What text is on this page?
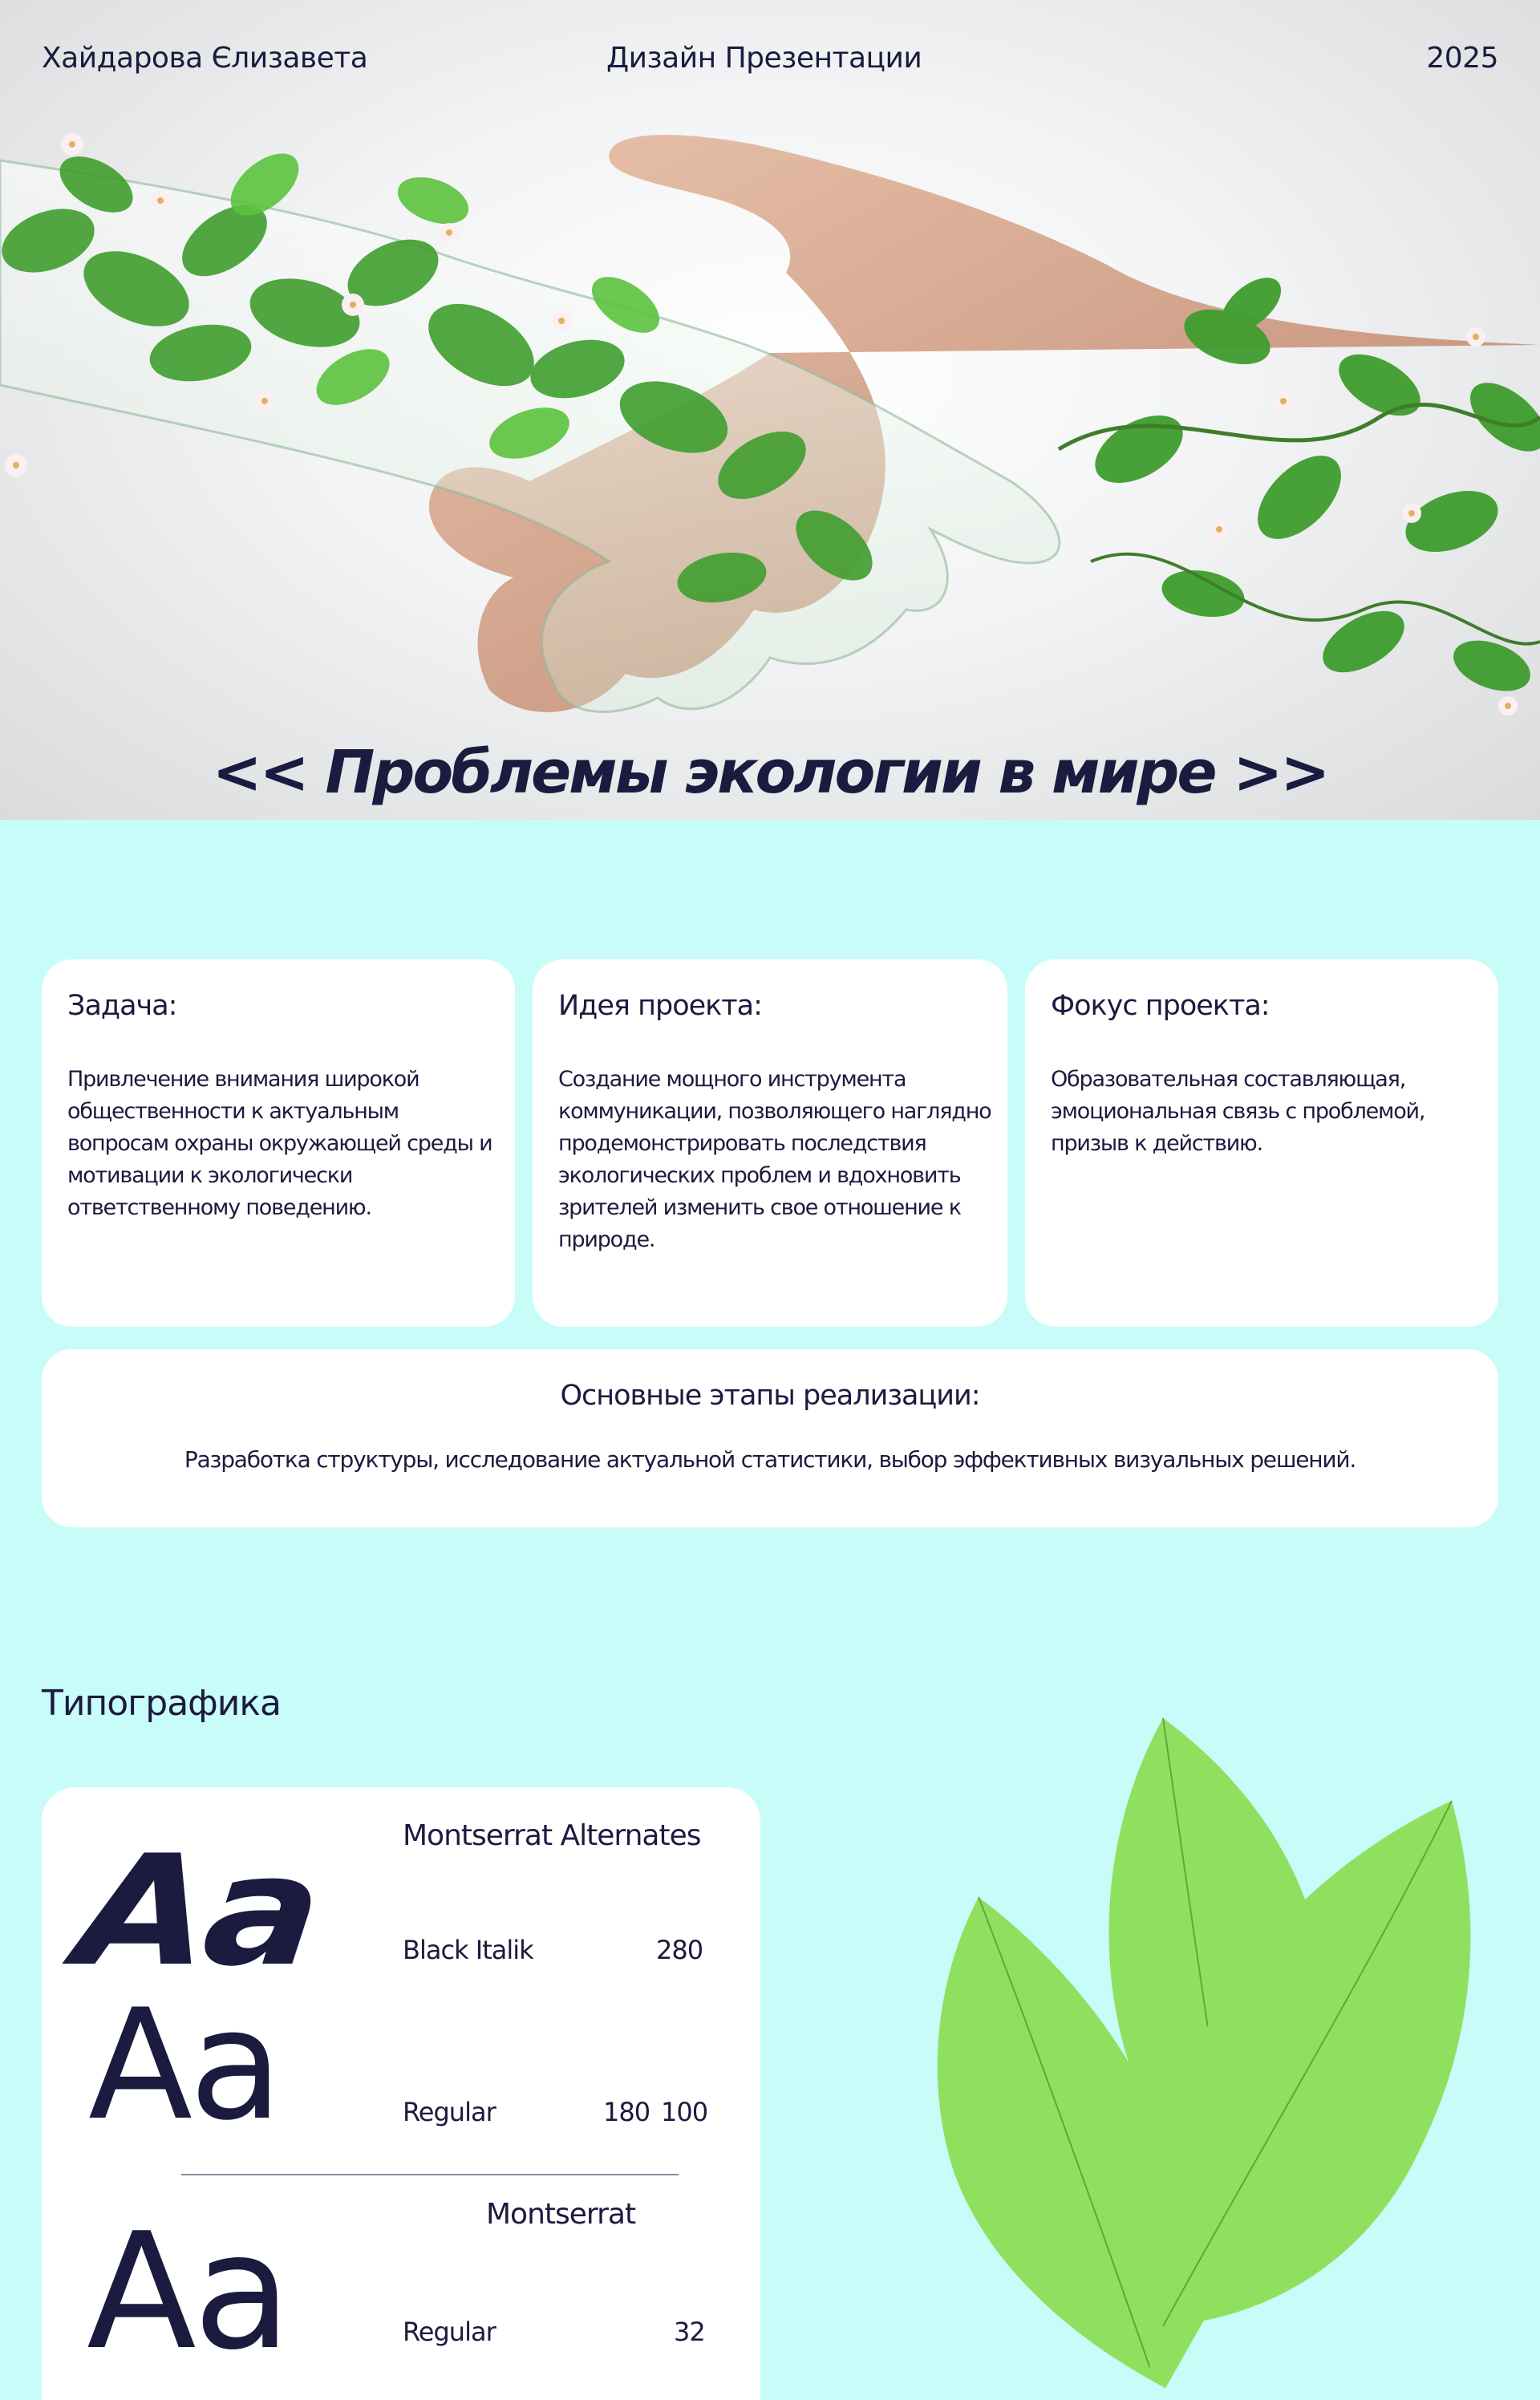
Хайдарова Єлизавета	Дизайн Презентации	2025
<< Проблемы экологии в мире >>
Задача:

Привлечение внимания широкой общественности к актуальным вопросам охраны окружающей среды и мотивации к экологически ответственному поведению.

Идея проекта:

Создание мощного инструмента коммуникации, позволяющего наглядно продемонстрировать последствия экологических проблем и вдохновить зрителей изменить свое отношение к природе.

Фокус проекта:

Образовательная составляющая, эмоциональная связь с проблемой, призыв к действию.

Основные этапы реализации:

Разработка структуры, исследование актуальной статистики, выбор эффективных визуальных решений.

Типографика
Aa	Montserrat Alternates
Black Italik	280
Aa	Regular	180 100
Montserrat
Aa	Regular	32
